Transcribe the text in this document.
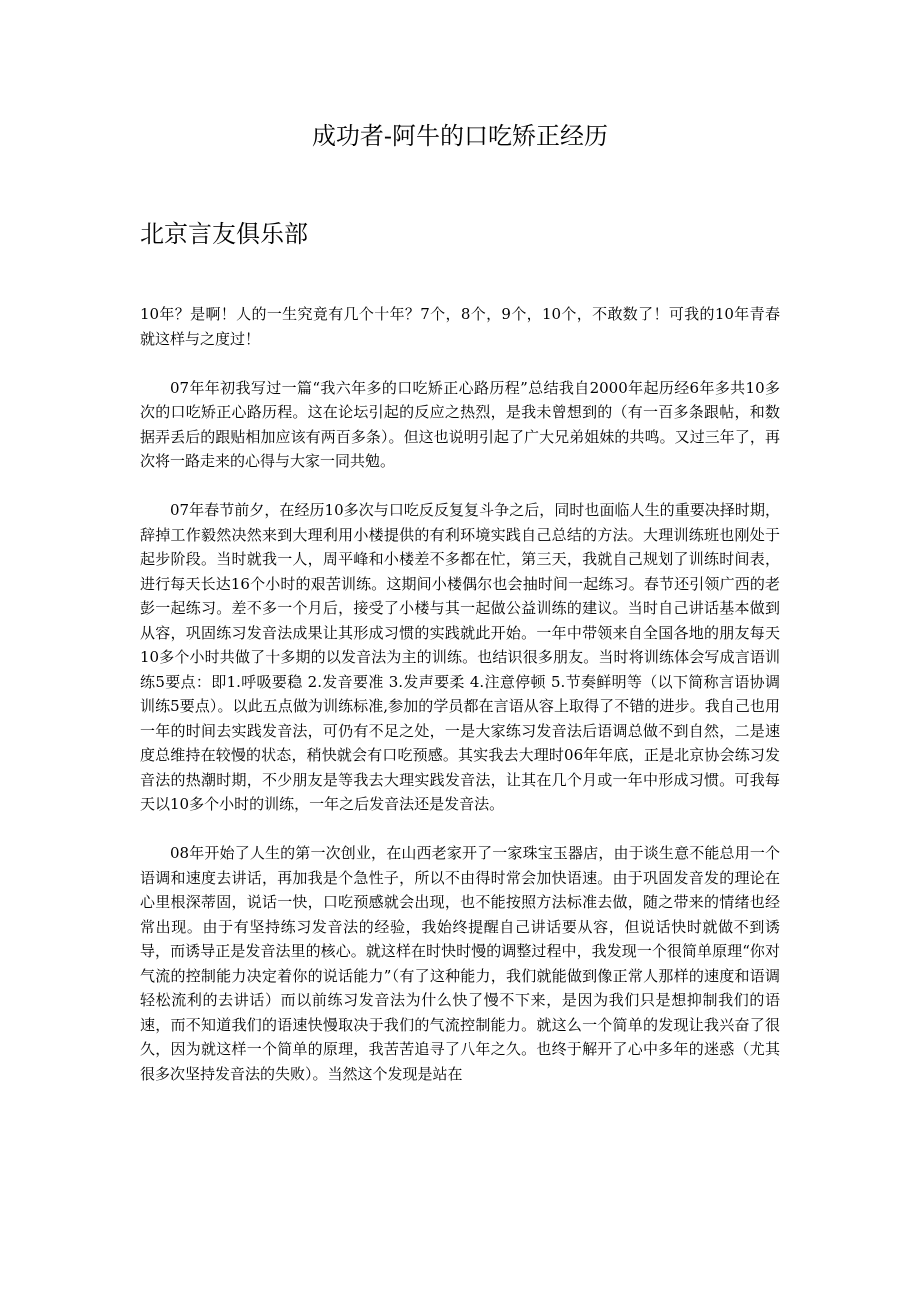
成功者-阿牛的口吃矫正经历
北京言友俱乐部

10年？是啊！人的一生究竟有几个十年？7个，8个，9个，10个，不敢数了！可我的10年青春就这样与之度过！

07年年初我写过一篇“我六年多的口吃矫正心路历程”总结我自2000年起历经6年多共10多次的口吃矫正心路历程。这在论坛引起的反应之热烈，是我未曾想到的（有一百多条跟帖，和数据弄丢后的跟贴相加应该有两百多条）。但这也说明引起了广大兄弟姐妹的共鸣。又过三年了，再次将一路走来的心得与大家一同共勉。

07年春节前夕，在经历10多次与口吃反反复复斗争之后，同时也面临人生的重要决择时期，辞掉工作毅然决然来到大理利用小楼提供的有利环境实践自己总结的方法。大理训练班也刚处于起步阶段。当时就我一人，周平峰和小楼差不多都在忙，第三天，我就自己规划了训练时间表，进行每天长达16个小时的艰苦训练。这期间小楼偶尔也会抽时间一起练习。春节还引领广西的老彭一起练习。差不多一个月后，接受了小楼与其一起做公益训练的建议。当时自己讲话基本做到从容，巩固练习发音法成果让其形成习惯的实践就此开始。一年中带领来自全国各地的朋友每天10多个小时共做了十多期的以发音法为主的训练。也结识很多朋友。当时将训练体会写成言语训练5要点：即1.呼吸要稳 2.发音要准 3.发声要柔 4.注意停顿 5.节奏鲜明等（以下简称言语协调训练5要点）。以此五点做为训练标准,参加的学员都在言语从容上取得了不错的进步。我自己也用一年的时间去实践发音法，可仍有不足之处，一是大家练习发音法后语调总做不到自然，二是速度总维持在较慢的状态，稍快就会有口吃预感。其实我去大理时06年年底，正是北京协会练习发音法的热潮时期，不少朋友是等我去大理实践发音法，让其在几个月或一年中形成习惯。可我每天以10多个小时的训练，一年之后发音法还是发音法。

08年开始了人生的第一次创业，在山西老家开了一家珠宝玉器店，由于谈生意不能总用一个语调和速度去讲话，再加我是个急性子，所以不由得时常会加快语速。由于巩固发音发的理论在心里根深蒂固，说话一快，口吃预感就会出现，也不能按照方法标准去做，随之带来的情绪也经常出现。由于有坚持练习发音法的经验，我始终提醒自己讲话要从容，但说话快时就做不到诱导，而诱导正是发音法里的核心。就这样在时快时慢的调整过程中，我发现一个很简单原理“你对气流的控制能力决定着你的说话能力”（有了这种能力，我们就能做到像正常人那样的速度和语调轻松流利的去讲话）而以前练习发音法为什么快了慢不下来，是因为我们只是想抑制我们的语速，而不知道我们的语速快慢取决于我们的气流控制能力。就这么一个简单的发现让我兴奋了很久，因为就这样一个简单的原理，我苦苦追寻了八年之久。也终于解开了心中多年的迷惑（尤其很多次坚持发音法的失败）。当然这个发现是站在
